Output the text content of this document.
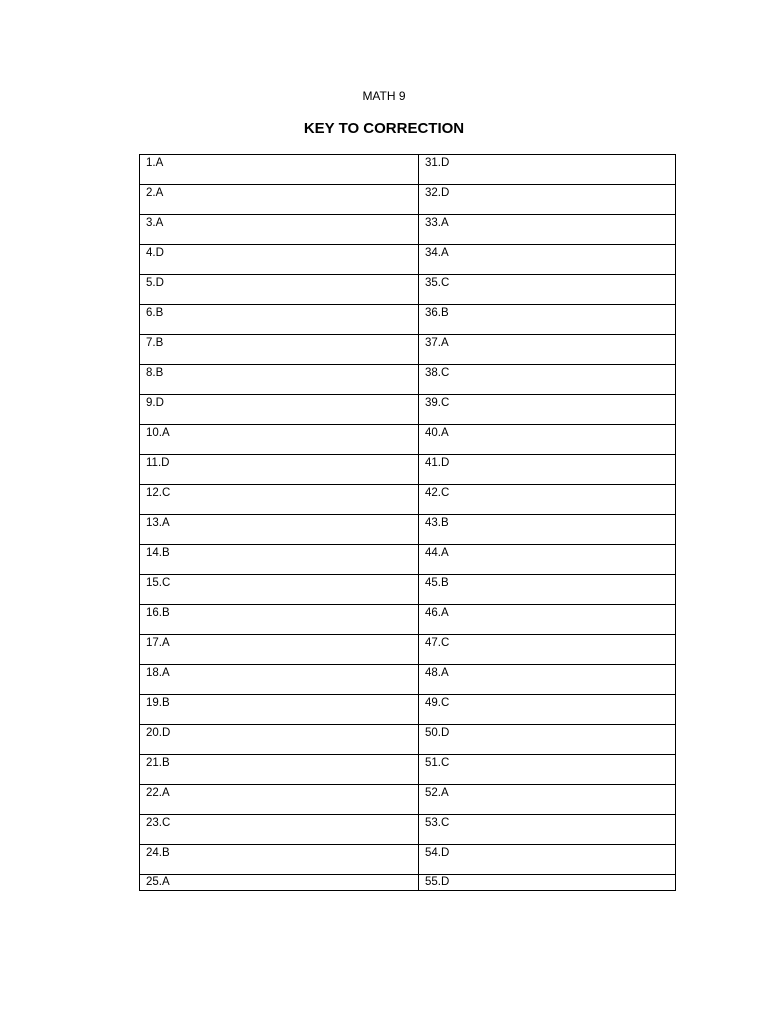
MATH 9
KEY TO CORRECTION
1.A	31.D
2.A	32.D
3.A	33.A
4.D	34.A
5.D	35.C
6.B	36.B
7.B	37.A
8.B	38.C
9.D	39.C
10.A	40.A
11.D	41.D
12.C	42.C
13.A	43.B
14.B	44.A
15.C	45.B
16.B	46.A
17.A	47.C
18.A	48.A
19.B	49.C
20.D	50.D
21.B	51.C
22.A	52.A
23.C	53.C
24.B	54.D
25.A	55.D
